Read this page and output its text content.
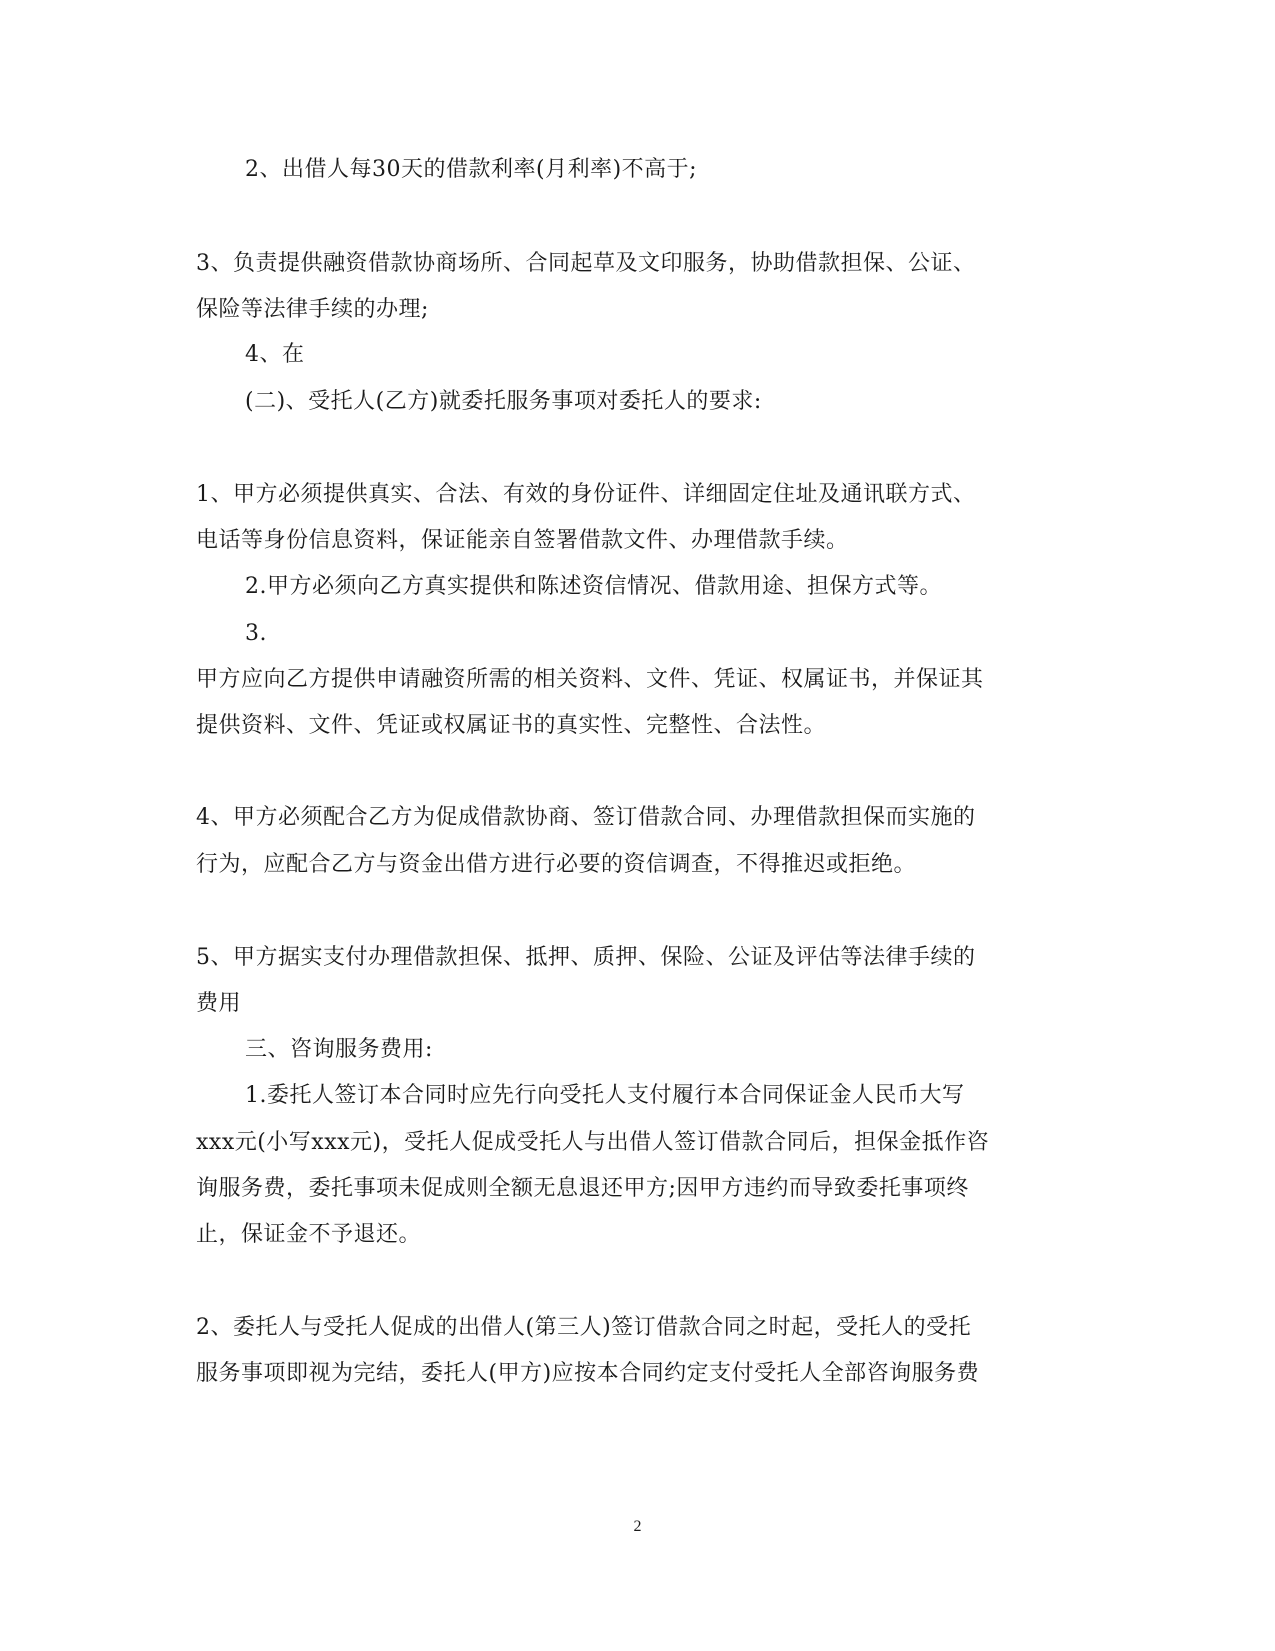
2、出借人每30天的借款利率(月利率)不高于;
3、负责提供融资借款协商场所、合同起草及文印服务，协助借款担保、公证、
保险等法律手续的办理;
4、在
(二)、受托人(乙方)就委托服务事项对委托人的要求:
1、甲方必须提供真实、合法、有效的身份证件、详细固定住址及通讯联方式、
电话等身份信息资料，保证能亲自签署借款文件、办理借款手续。
2.甲方必须向乙方真实提供和陈述资信情况、借款用途、担保方式等。
3.
甲方应向乙方提供申请融资所需的相关资料、文件、凭证、权属证书，并保证其
提供资料、文件、凭证或权属证书的真实性、完整性、合法性。
4、甲方必须配合乙方为促成借款协商、签订借款合同、办理借款担保而实施的
行为，应配合乙方与资金出借方进行必要的资信调查，不得推迟或拒绝。
5、甲方据实支付办理借款担保、抵押、质押、保险、公证及评估等法律手续的
费用
三、咨询服务费用:
1.委托人签订本合同时应先行向受托人支付履行本合同保证金人民币大写
xxx元(小写xxx元)，受托人促成受托人与出借人签订借款合同后，担保金抵作咨
询服务费，委托事项未促成则全额无息退还甲方;因甲方违约而导致委托事项终
止，保证金不予退还。
2、委托人与受托人促成的出借人(第三人)签订借款合同之时起，受托人的受托
服务事项即视为完结，委托人(甲方)应按本合同约定支付受托人全部咨询服务费
2
